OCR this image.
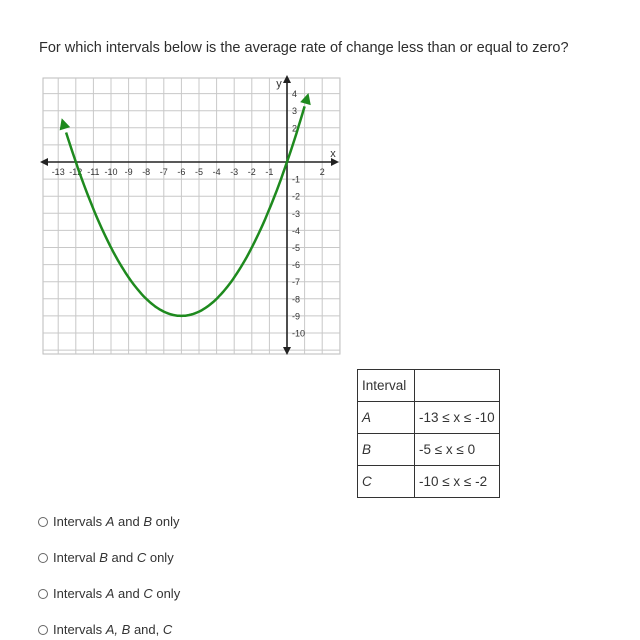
For which intervals below is the average rate of change less than or equal to zero?
x
y
-13 -12 -11 -10 -9 -8 -7 -6 -5 -4 -3 -2 -1	2
4
3
2
-1
-2
-3
-4
-5
-6
-7
-8
-9
-10
Interval	
A	-13 ≤ x ≤ -10
B	-5 ≤ x ≤ 0
C	-10 ≤ x ≤ -2
Intervals A and B only
Interval B and C only
Intervals A and C only
Intervals A, B and, C
